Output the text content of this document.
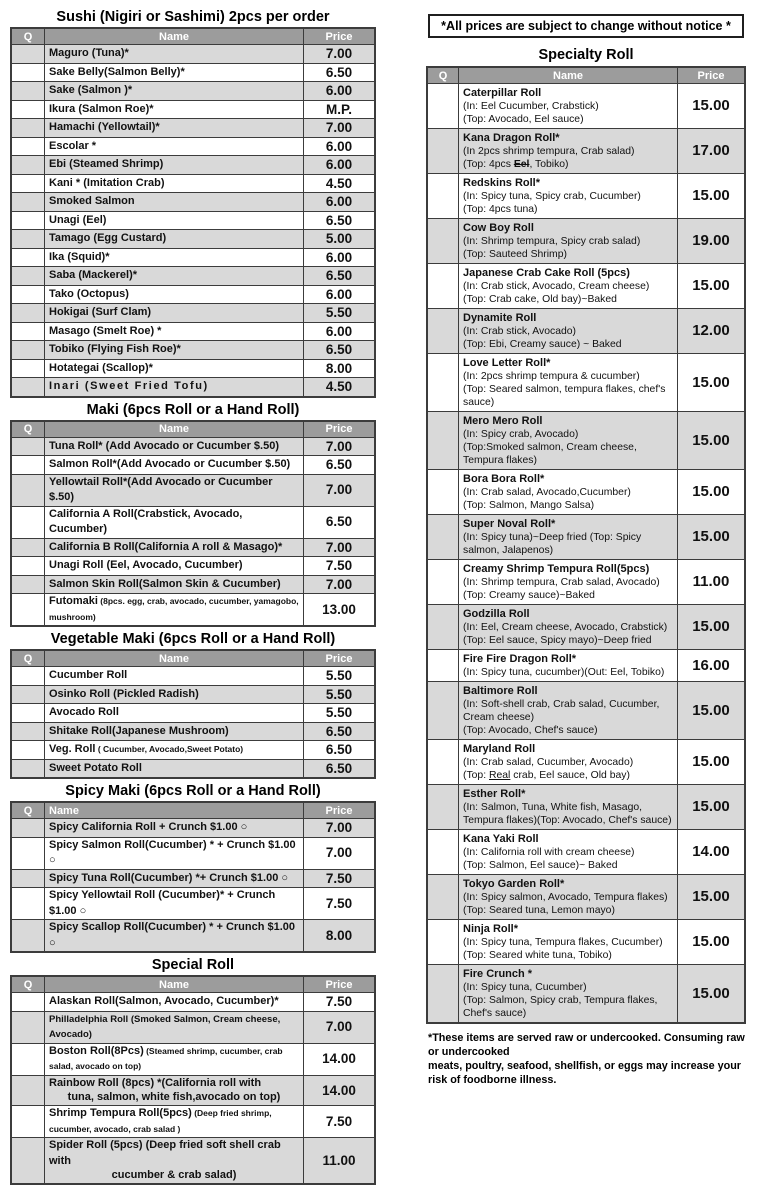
Sushi (Nigiri or Sashimi) 2pcs per order
Q	Name	Price
	Maguro (Tuna)*	7.00
	Sake Belly(Salmon Belly)*	6.50
	Sake (Salmon )*	6.00
	Ikura (Salmon Roe)*	M.P.
	Hamachi (Yellowtail)*	7.00
	Escolar *	6.00
	Ebi (Steamed Shrimp)	6.00
	Kani * (Imitation Crab)	4.50
	Smoked Salmon	6.00
	Unagi (Eel)	6.50
	Tamago (Egg Custard)	5.00
	Ika (Squid)*	6.00
	Saba (Mackerel)*	6.50
	Tako (Octopus)	6.00
	Hokigai (Surf Clam)	5.50
	Masago (Smelt Roe) *	6.00
	Tobiko (Flying Fish Roe)*	6.50
	Hotategai (Scallop)*	8.00
	Inari (Sweet Fried Tofu)	4.50
Maki (6pcs Roll or a Hand Roll)
Q	Name	Price
	Tuna Roll* (Add Avocado or Cucumber $.50)	7.00
	Salmon Roll*(Add Avocado or Cucumber $.50)	6.50
	Yellowtail Roll*(Add Avocado or Cucumber $.50)	7.00
	California A Roll(Crabstick, Avocado, Cucumber)	6.50
	California B Roll(California A roll & Masago)*	7.00
	Unagi Roll (Eel, Avocado, Cucumber)	7.50
	Salmon Skin Roll(Salmon Skin & Cucumber)	7.00
	Futomaki (8pcs. egg, crab, avocado, cucumber, yamagobo, mushroom)	13.00
Vegetable Maki (6pcs Roll or a Hand Roll)
Q	Name	Price
	Cucumber Roll	5.50
	Osinko Roll (Pickled Radish)	5.50
	Avocado Roll	5.50
	Shitake Roll(Japanese Mushroom)	6.50
	Veg. Roll ( Cucumber, Avocado,Sweet Potato)	6.50
	Sweet Potato Roll	6.50
Spicy Maki (6pcs Roll or a Hand Roll)
Q	Name	Price
	Spicy California Roll + Crunch $1.00 ○	7.00
	Spicy Salmon Roll(Cucumber) * + Crunch $1.00 ○	7.00
	Spicy Tuna Roll(Cucumber) *+ Crunch $1.00 ○	7.50
	Spicy Yellowtail Roll (Cucumber)* + Crunch $1.00 ○	7.50
	Spicy Scallop Roll(Cucumber) * + Crunch $1.00 ○	8.00
Special Roll
Q	Name	Price
	Alaskan Roll(Salmon, Avocado, Cucumber)*	7.50
	Philladelphia Roll (Smoked Salmon, Cream cheese, Avocado)	7.00
	Boston Roll(8Pcs) (Steamed shrimp, cucumber, crab salad, avocado on top)	14.00
	Rainbow Roll (8pcs) *(California roll with
tuna, salmon, white fish,avocado on top)	14.00
	Shrimp Tempura Roll(5pcs) (Deep fried shrimp, cucumber, avocado, crab salad )	7.50
	Spider Roll (5pcs) (Deep fried soft shell crab with
cucumber & crab salad)	11.00
*All prices are subject to change without notice *
Specialty Roll
Q	Name	Price

	Caterpillar Roll
(In: Eel Cucumber, Crabstick)
(Top: Avocado, Eel sauce)	15.00

	Kana Dragon Roll*
(In 2pcs shrimp tempura, Crab salad)
(Top: 4pcs Eel, Tobiko)	17.00

	Redskins Roll*
(In: Spicy tuna, Spicy crab, Cucumber)
(Top: 4pcs tuna)	15.00

	Cow Boy Roll
(In: Shrimp tempura, Spicy crab salad)
(Top: Sauteed Shrimp)	19.00

	Japanese Crab Cake Roll (5pcs)
(In: Crab stick, Avocado, Cream cheese)
(Top: Crab cake, Old bay)~Baked	15.00

	Dynamite Roll
(In: Crab stick, Avocado)
(Top: Ebi, Creamy sauce) ~ Baked	12.00

	Love Letter Roll*
(In: 2pcs shrimp tempura & cucumber)
(Top: Seared salmon, tempura flakes, chef's sauce)	15.00

	Mero Mero Roll
(In: Spicy crab, Avocado)
(Top:Smoked salmon, Cream cheese, Tempura flakes)	15.00

	Bora Bora Roll*
(In: Crab salad, Avocado,Cucumber)
(Top: Salmon, Mango Salsa)	15.00

	Super Noval Roll*
(In: Spicy tuna)~Deep fried (Top: Spicy salmon, Jalapenos)	15.00

	Creamy Shrimp Tempura Roll(5pcs)
(In: Shrimp tempura, Crab salad, Avocado)
(Top: Creamy sauce)~Baked	11.00

	Godzilla Roll
(In: Eel, Cream cheese, Avocado, Crabstick)
(Top: Eel sauce, Spicy mayo)~Deep fried	15.00

	Fire Fire Dragon Roll*
(In: Spicy tuna, cucumber)(Out: Eel, Tobiko)	16.00

	Baltimore Roll
(In: Soft-shell crab, Crab salad, Cucumber, Cream cheese)
(Top: Avocado, Chef's sauce)	15.00

	Maryland Roll
(In: Crab salad, Cucumber, Avocado)
(Top: Real crab, Eel sauce, Old bay)	15.00

	Esther Roll*
(In: Salmon, Tuna, White fish, Masago, Tempura flakes)(Top: Avocado, Chef's sauce)	15.00

	Kana Yaki Roll
(In: California roll with cream cheese)
(Top: Salmon, Eel sauce)~ Baked	14.00

	Tokyo Garden Roll*
(In: Spicy salmon, Avocado, Tempura flakes)
(Top: Seared tuna, Lemon mayo)	15.00

	Ninja Roll*
(In: Spicy tuna, Tempura flakes, Cucumber)
(Top: Seared white tuna, Tobiko)	15.00

	Fire Crunch *
(In: Spicy tuna, Cucumber)
(Top: Salmon, Spicy crab, Tempura flakes, Chef's sauce)	15.00
*These items are served raw or undercooked. Consuming raw or undercooked
meats, poultry, seafood, shellfish, or eggs may increase your risk of foodborne illness.
